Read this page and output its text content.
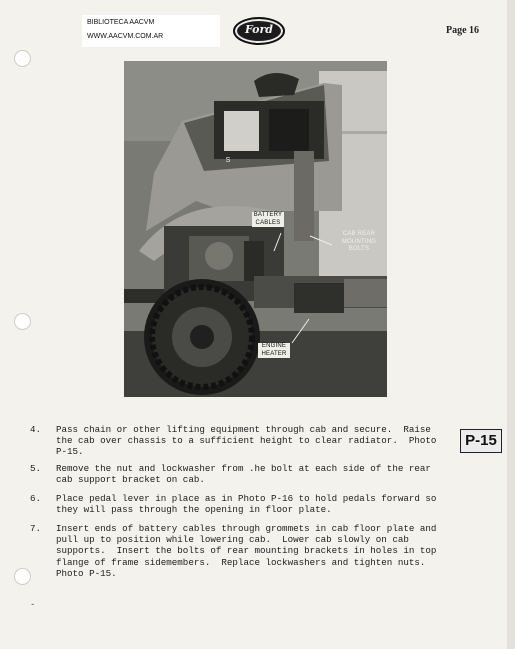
BIBLIOTECA AACVM
WWW.AACVM.COM.AR
Ford	Page 16
BATTERY
CABLES
CAB REAR
MOUNTING
BOLTS
ENGINE
HEATER
S
P-15
4. Pass chain or other lifting equipment through cab and secure.  Raise
the cab over chassis to a sufficient height to clear radiator.  Photo
P-15.
5. Remove the nut and lockwasher from .he bolt at each side of the rear
cab support bracket on cab.
6. Place pedal lever in place as in Photo P-16 to hold pedals forward so
they will pass through the opening in floor plate.
7. Insert ends of battery cables through grommets in cab floor plate and
pull up to position while lowering cab.  Lower cab slowly on cab
supports.  Insert the bolts of rear mounting brackets in holes in top
flange of frame sidemembers.  Replace lockwashers and tighten nuts.
Photo P-15.
-
